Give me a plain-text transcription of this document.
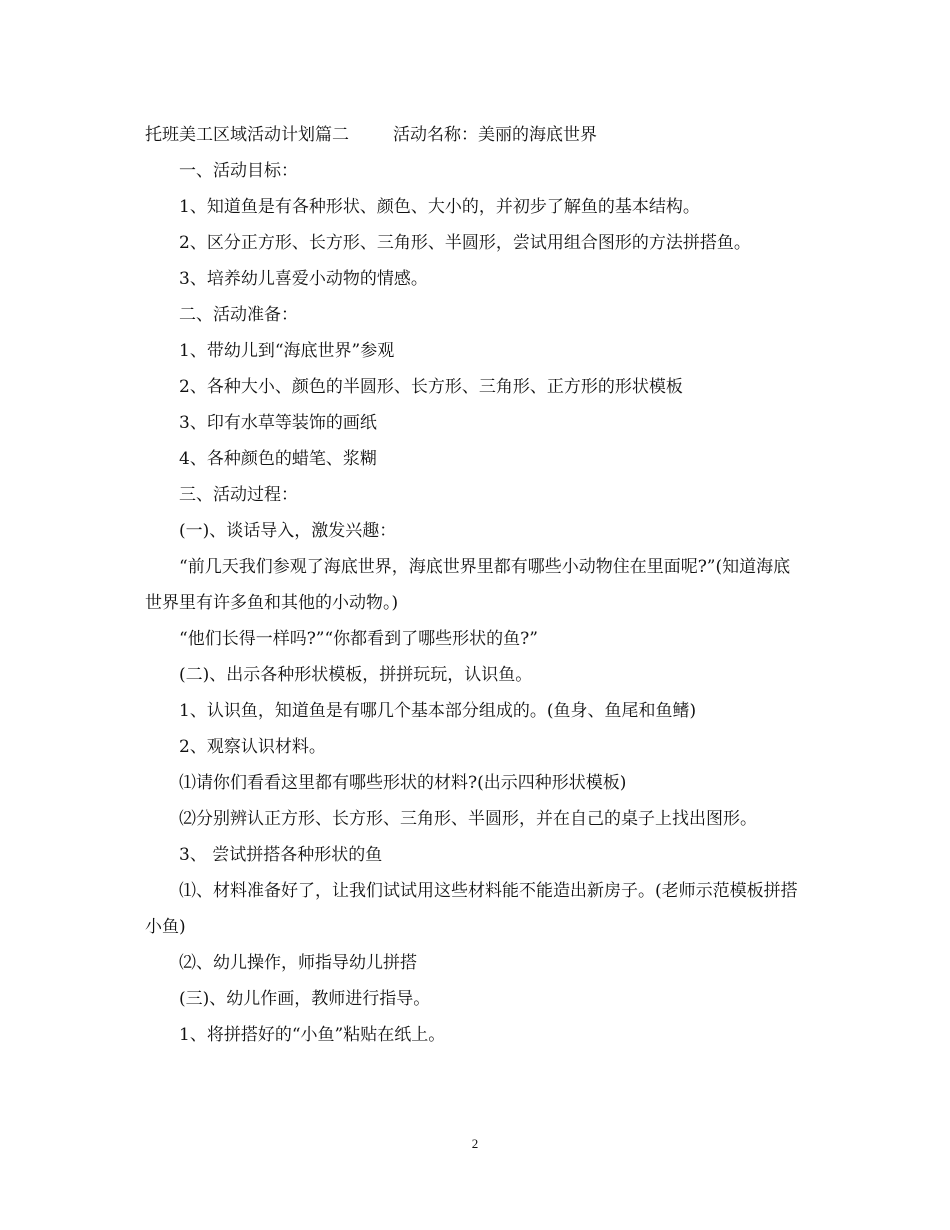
托班美工区域活动计划篇二	活动名称：美丽的海底世界

一、活动目标：

1、知道鱼是有各种形状、颜色、大小的，并初步了解鱼的基本结构。

2、区分正方形、长方形、三角形、半圆形，尝试用组合图形的方法拼搭鱼。

3、培养幼儿喜爱小动物的情感。

二、活动准备：

1、带幼儿到“海底世界”参观

2、各种大小、颜色的半圆形、长方形、三角形、正方形的形状模板

3、印有水草等装饰的画纸

4、各种颜色的蜡笔、浆糊

三、活动过程：

(一)、谈话导入，激发兴趣：

“前几天我们参观了海底世界，海底世界里都有哪些小动物住在里面呢?”(知道海底世界里有许多鱼和其他的小动物。)

“他们长得一样吗?”“你都看到了哪些形状的鱼?”

(二)、出示各种形状模板，拼拼玩玩，认识鱼。

1、认识鱼，知道鱼是有哪几个基本部分组成的。(鱼身、鱼尾和鱼鳍)

2、观察认识材料。

⑴请你们看看这里都有哪些形状的材料?(出示四种形状模板)

⑵分别辨认正方形、长方形、三角形、半圆形，并在自己的桌子上找出图形。

3、 尝试拼搭各种形状的鱼

⑴、材料准备好了，让我们试试用这些材料能不能造出新房子。(老师示范模板拼搭小鱼)

⑵、幼儿操作，师指导幼儿拼搭

(三)、幼儿作画，教师进行指导。

1、将拼搭好的“小鱼”粘贴在纸上。

2
